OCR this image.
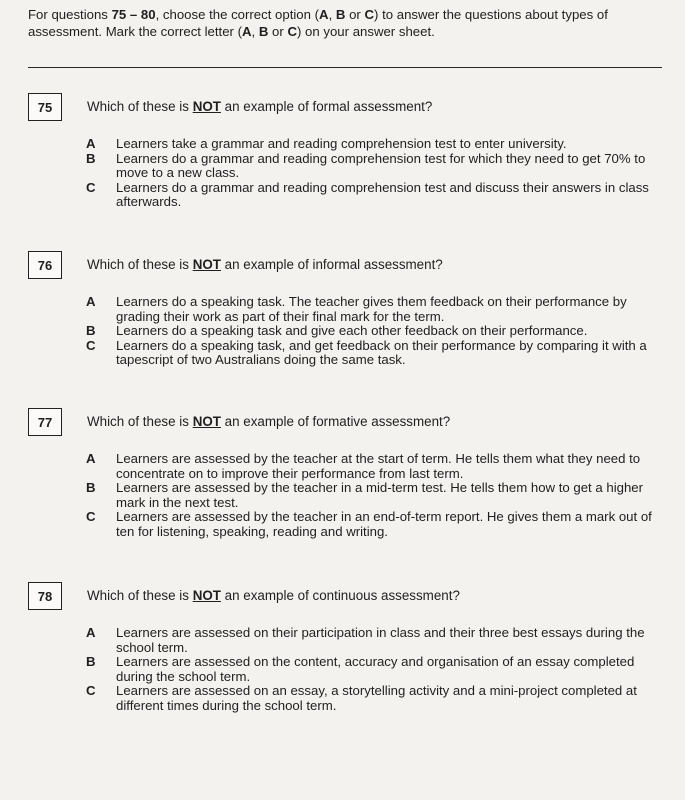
For questions 75 – 80, choose the correct option (A, B or C) to answer the questions about types of assessment. Mark the correct letter (A, B or C) on your answer sheet.

75	Which of these is NOT an example of formal assessment?
A Learners take a grammar and reading comprehension test to enter university.
B Learners do a grammar and reading comprehension test for which they need to get 70% to move to a new class.
C Learners do a grammar and reading comprehension test and discuss their answers in class afterwards.
76	Which of these is NOT an example of informal assessment?
A Learners do a speaking task. The teacher gives them feedback on their performance by grading their work as part of their final mark for the term.
B Learners do a speaking task and give each other feedback on their performance.
C Learners do a speaking task, and get feedback on their performance by comparing it with a tapescript of two Australians doing the same task.
77	Which of these is NOT an example of formative assessment?
A Learners are assessed by the teacher at the start of term. He tells them what they need to concentrate on to improve their performance from last term.
B Learners are assessed by the teacher in a mid-term test. He tells them how to get a higher mark in the next test.
C Learners are assessed by the teacher in an end-of-term report. He gives them a mark out of ten for listening, speaking, reading and writing.
78	Which of these is NOT an example of continuous assessment?
A Learners are assessed on their participation in class and their three best essays during the school term.
B Learners are assessed on the content, accuracy and organisation of an essay completed during the school term.
C Learners are assessed on an essay, a storytelling activity and a mini-project completed at different times during the school term.
